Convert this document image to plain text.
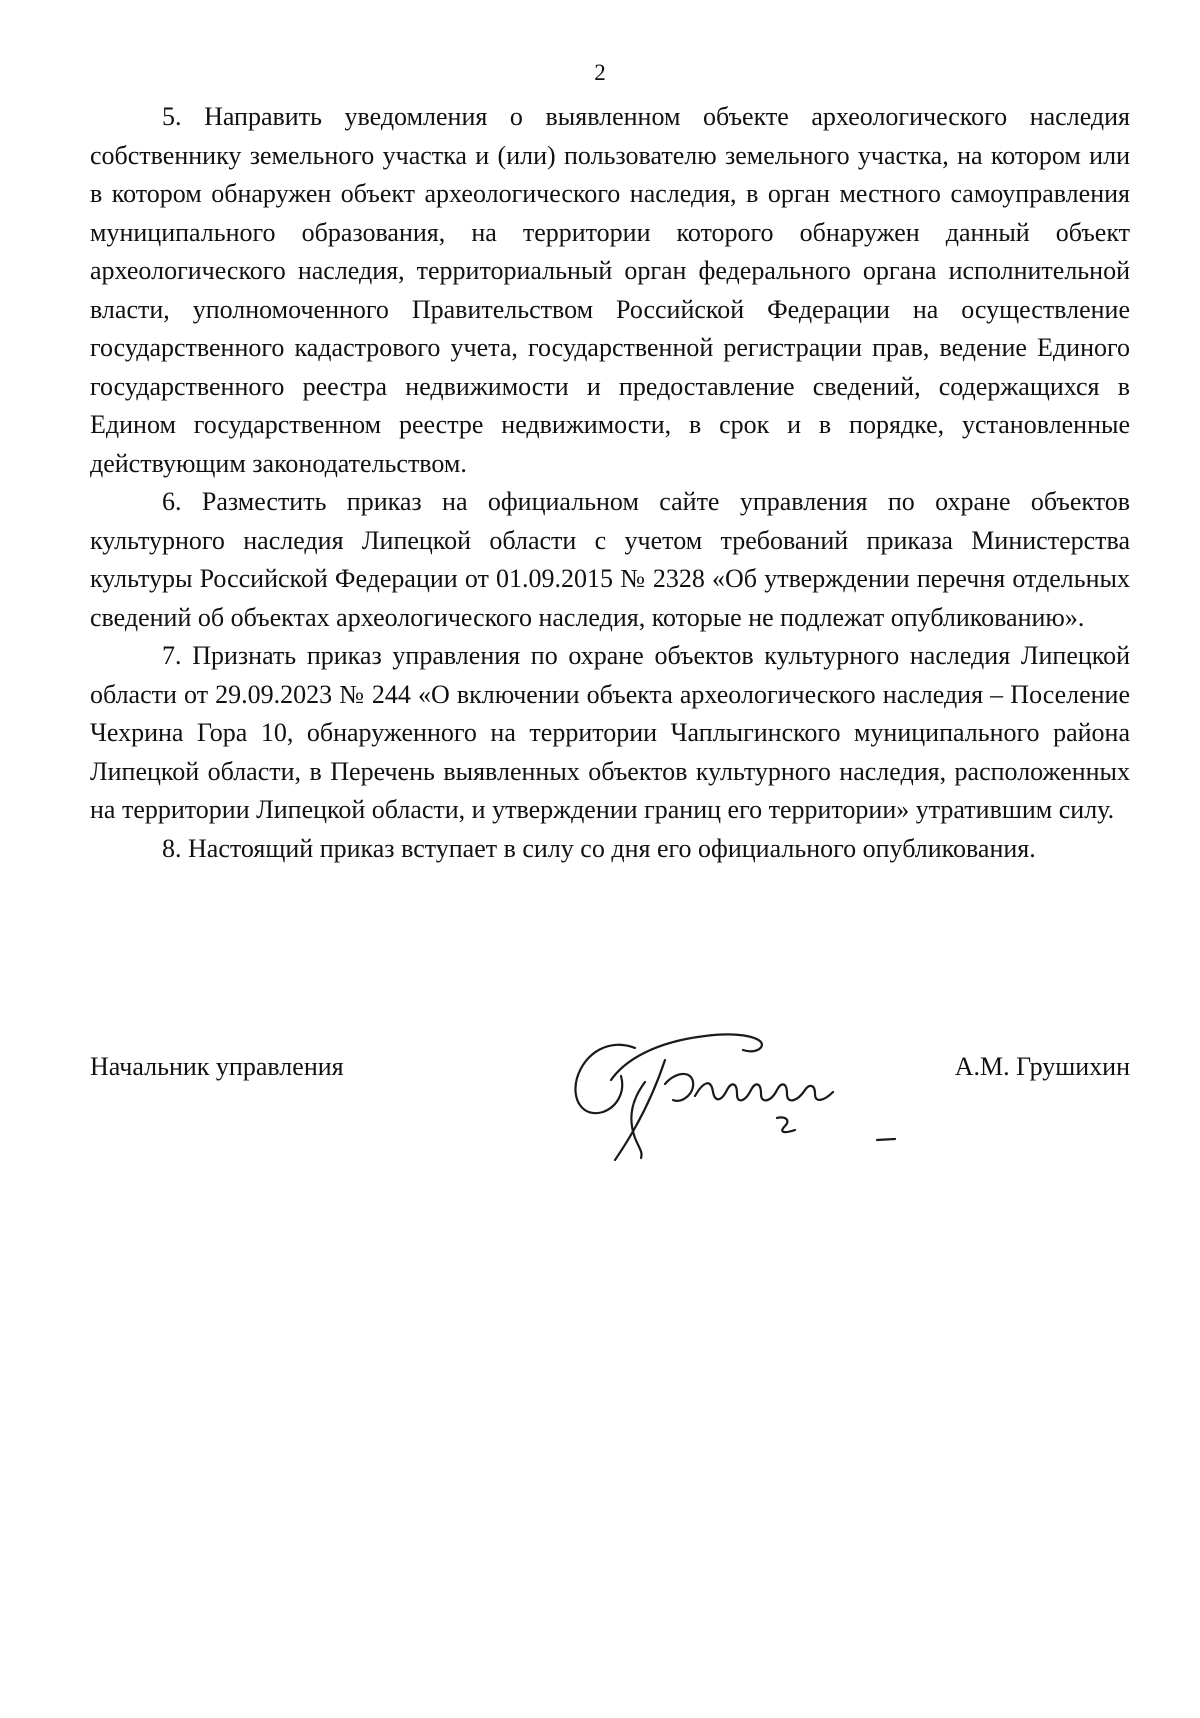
2

5. Направить уведомления о выявленном объекте археологического наследия собственнику земельного участка и (или) пользователю земельного участка, на котором или в котором обнаружен объект археологического наследия, в орган местного самоуправления муниципального образования, на территории которого обнаружен данный объект археологического наследия, территориальный орган федерального органа исполнительной власти, уполномоченного Правительством Российской Федерации на осуществление государственного кадастрового учета, государственной регистрации прав, ведение Единого государственного реестра недвижимости и предоставление сведений, содержащихся в Едином государственном реестре недвижимости, в срок и в порядке, установленные действующим законодательством.

6. Разместить приказ на официальном сайте управления по охране объектов культурного наследия Липецкой области с учетом требований приказа Министерства культуры Российской Федерации от 01.09.2015 № 2328 «Об утверждении перечня отдельных сведений об объектах археологического наследия, которые не подлежат опубликованию».

7. Признать приказ управления по охране объектов культурного наследия Липецкой области от 29.09.2023 № 244 «О включении объекта археологического наследия – Поселение Чехрина Гора 10, обнаруженного на территории Чаплыгинского муниципального района Липецкой области, в Перечень выявленных объектов культурного наследия, расположенных на территории Липецкой области, и утверждении границ его территории» утратившим силу.

8. Настоящий приказ вступает в силу со дня его официального опубликования.

Начальник управления	А.М. Грушихин
